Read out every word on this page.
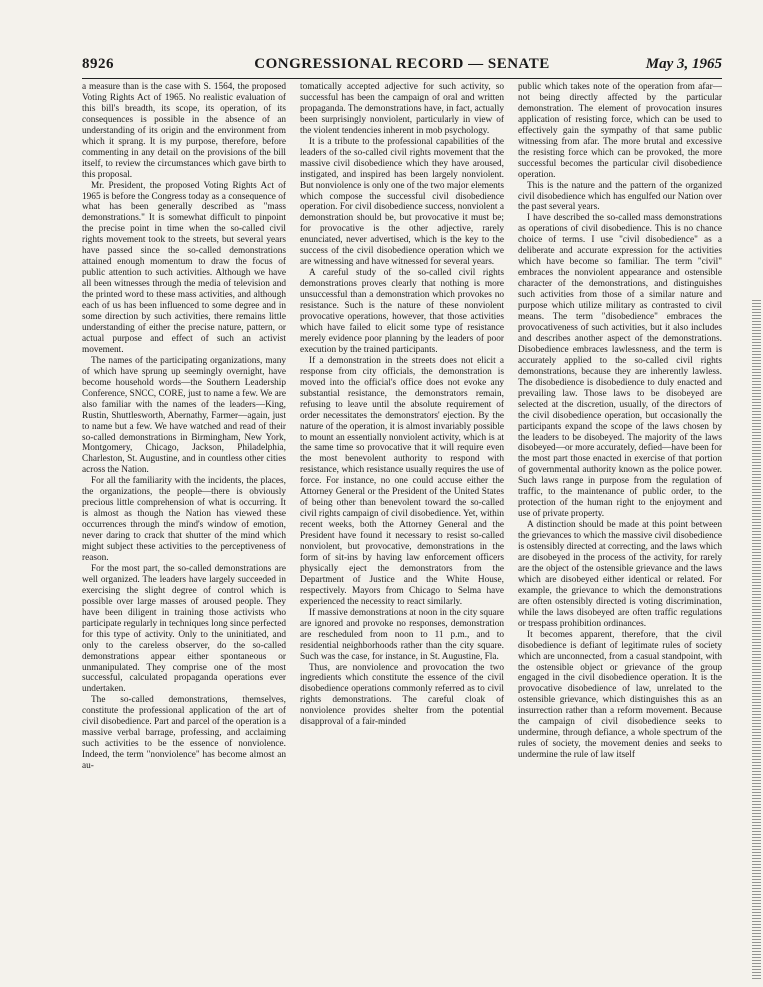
8926	CONGRESSIONAL RECORD — SENATE	May 3, 1965

a measure than is the case with S. 1564, the proposed Voting Rights Act of 1965. No realistic evaluation of this bill's breadth, its scope, its operation, of its consequences is possible in the absence of an understanding of its origin and the environment from which it sprang. It is my purpose, therefore, before commenting in any detail on the provisions of the bill itself, to review the circumstances which gave birth to this proposal.

Mr. President, the proposed Voting Rights Act of 1965 is before the Congress today as a consequence of what has been generally described as "mass demonstrations." It is somewhat difficult to pinpoint the precise point in time when the so-called civil rights movement took to the streets, but several years have passed since the so-called demonstrations attained enough momentum to draw the focus of public attention to such activities. Although we have all been witnesses through the media of television and the printed word to these mass activities, and although each of us has been influenced to some degree and in some direction by such activities, there remains little understanding of either the precise nature, pattern, or actual purpose and effect of such an activist movement.

The names of the participating organizations, many of which have sprung up seemingly overnight, have become household words—the Southern Leadership Conference, SNCC, CORE, just to name a few. We are also familiar with the names of the leaders—King, Rustin, Shuttlesworth, Abernathy, Farmer—again, just to name but a few. We have watched and read of their so-called demonstrations in Birmingham, New York, Montgomery, Chicago, Jackson, Philadelphia, Charleston, St. Augustine, and in countless other cities across the Nation.

For all the familiarity with the incidents, the places, the organizations, the people—there is obviously precious little comprehension of what is occurring. It is almost as though the Nation has viewed these occurrences through the mind's window of emotion, never daring to crack that shutter of the mind which might subject these activities to the perceptiveness of reason.

For the most part, the so-called demonstrations are well organized. The leaders have largely succeeded in exercising the slight degree of control which is possible over large masses of aroused people. They have been diligent in training those activists who participate regularly in techniques long since perfected for this type of activity. Only to the uninitiated, and only to the careless observer, do the so-called demonstrations appear either spontaneous or unmanipulated. They comprise one of the most successful, calculated propaganda operations ever undertaken.

The so-called demonstrations, themselves, constitute the professional application of the art of civil disobedience. Part and parcel of the operation is a massive verbal barrage, professing, and acclaiming such activities to be the essence of nonviolence. Indeed, the term "nonviolence" has become almost an au-

tomatically accepted adjective for such activity, so successful has been the campaign of oral and written propaganda. The demonstrations have, in fact, actually been surprisingly nonviolent, particularly in view of the violent tendencies inherent in mob psychology.

It is a tribute to the professional capabilities of the leaders of the so-called civil rights movement that the massive civil disobedience which they have aroused, instigated, and inspired has been largely nonviolent. But nonviolence is only one of the two major elements which compose the successful civil disobedience operation. For civil disobedience success, nonviolent a demonstration should be, but provocative it must be; for provocative is the other adjective, rarely enunciated, never advertised, which is the key to the success of the civil disobedience operation which we are witnessing and have witnessed for several years.

A careful study of the so-called civil rights demonstrations proves clearly that nothing is more unsuccessful than a demonstration which provokes no resistance. Such is the nature of these nonviolent provocative operations, however, that those activities which have failed to elicit some type of resistance merely evidence poor planning by the leaders of poor execution by the trained participants.

If a demonstration in the streets does not elicit a response from city officials, the demonstration is moved into the official's office does not evoke any substantial resistance, the demonstrators remain, refusing to leave until the absolute requirement of order necessitates the demonstrators' ejection. By the nature of the operation, it is almost invariably possible to mount an essentially nonviolent activity, which is at the same time so provocative that it will require even the most benevolent authority to respond with resistance, which resistance usually requires the use of force. For instance, no one could accuse either the Attorney General or the President of the United States of being other than benevolent toward the so-called civil rights campaign of civil disobedience. Yet, within recent weeks, both the Attorney General and the President have found it necessary to resist so-called nonviolent, but provocative, demonstrations in the form of sit-ins by having law enforcement officers physically eject the demonstrators from the Department of Justice and the White House, respectively. Mayors from Chicago to Selma have experienced the necessity to react similarly.

If massive demonstrations at noon in the city square are ignored and provoke no responses, demonstration are rescheduled from noon to 11 p.m., and to residential neighborhoods rather than the city square. Such was the case, for instance, in St. Augustine, Fla.

Thus, are nonviolence and provocation the two ingredients which constitute the essence of the civil disobedience operations commonly referred as to civil rights demonstrations. The careful cloak of nonviolence provides shelter from the potential disapproval of a fair-minded

public which takes note of the operation from afar—not being directly affected by the particular demonstration. The element of provocation insures application of resisting force, which can be used to effectively gain the sympathy of that same public witnessing from afar. The more brutal and excessive the resisting force which can be provoked, the more successful becomes the particular civil disobedience operation.

This is the nature and the pattern of the organized civil disobedience which has engulfed our Nation over the past several years.

I have described the so-called mass demonstrations as operations of civil disobedience. This is no chance choice of terms. I use "civil disobedience" as a deliberate and accurate expression for the activities which have become so familiar. The term "civil" embraces the nonviolent appearance and ostensible character of the demonstrations, and distinguishes such activities from those of a similar nature and purpose which utilize military as contrasted to civil means. The term "disobedience" embraces the provocativeness of such activities, but it also includes and describes another aspect of the demonstrations. Disobedience embraces lawlessness, and the term is accurately applied to the so-called civil rights demonstrations, because they are inherently lawless. The disobedience is disobedience to duly enacted and prevailing law. Those laws to be disobeyed are selected at the discretion, usually, of the directors of the civil disobedience operation, but occasionally the participants expand the scope of the laws chosen by the leaders to be disobeyed. The majority of the laws disobeyed—or more accurately, defied—have been for the most part those enacted in exercise of that portion of governmental authority known as the police power. Such laws range in purpose from the regulation of traffic, to the maintenance of public order, to the protection of the human right to the enjoyment and use of private property.

A distinction should be made at this point between the grievances to which the massive civil disobedience is ostensibly directed at correcting, and the laws which are disobeyed in the process of the activity, for rarely are the object of the ostensible grievance and the laws which are disobeyed either identical or related. For example, the grievance to which the demonstrations are often ostensibly directed is voting discrimination, while the laws disobeyed are often traffic regulations or trespass prohibition ordinances.

It becomes apparent, therefore, that the civil disobedience is defiant of legitimate rules of society which are unconnected, from a casual standpoint, with the ostensible object or grievance of the group engaged in the civil disobedience operation. It is the provocative disobedience of law, unrelated to the ostensible grievance, which distinguishes this as an insurrection rather than a reform movement. Because the campaign of civil disobedience seeks to undermine, through defiance, a whole spectrum of the rules of society, the movement denies and seeks to undermine the rule of law itself
